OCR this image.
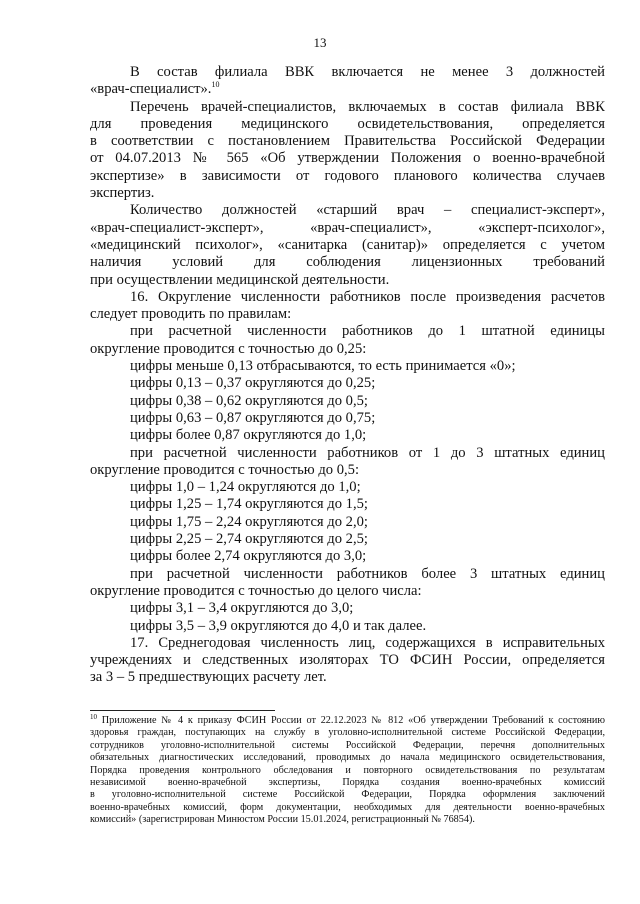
13

В состав филиала ВВК включается не менее 3 должностей

«врач-специалист».$^{10}$

Перечень врачей-специалистов, включаемых в состав филиала ВВК

для проведения медицинского освидетельствования, определяется

в соответствии с постановлением Правительства Российской Федерации

от 04.07.2013 № 565 «Об утверждении Положения о военно-врачебной

экспертизе» в зависимости от годового планового количества случаев

экспертиз.

Количество должностей «старший врач – специалист-эксперт»,

«врач-специалист-эксперт», «врач-специалист», «эксперт-психолог»,

«медицинский психолог», «санитарка (санитар)» определяется с учетом

наличия условий для соблюдения лицензионных требований

при осуществлении медицинской деятельности.

16. Округление численности работников после произведения расчетов

следует проводить по правилам:

при расчетной численности работников до 1 штатной единицы

округление проводится с точностью до 0,25:

цифры меньше 0,13 отбрасываются, то есть принимается «0»;

цифры 0,13 – 0,37 округляются до 0,25;

цифры 0,38 – 0,62 округляются до 0,5;

цифры 0,63 – 0,87 округляются до 0,75;

цифры более 0,87 округляются до 1,0;

при расчетной численности работников от 1 до 3 штатных единиц

округление проводится с точностью до 0,5:

цифры 1,0 – 1,24 округляются до 1,0;

цифры 1,25 – 1,74 округляются до 1,5;

цифры 1,75 – 2,24 округляются до 2,0;

цифры 2,25 – 2,74 округляются до 2,5;

цифры более 2,74 округляются до 3,0;

при расчетной численности работников более 3 штатных единиц

округление проводится с точностью до целого числа:

цифры 3,1 – 3,4 округляются до 3,0;

цифры 3,5 – 3,9 округляются до 4,0 и так далее.

17. Среднегодовая численность лиц, содержащихся в исправительных

учреждениях и следственных изоляторах ТО ФСИН России, определяется

за 3 – 5 предшествующих расчету лет.

$^{10}$ Приложение № 4 к приказу ФСИН России от 22.12.2023 № 812 «Об утверждении Требований к состоянию

здоровья граждан, поступающих на службу в уголовно-исполнительной системе Российской Федерации,

сотрудников уголовно-исполнительной системы Российской Федерации, перечня дополнительных

обязательных диагностических исследований, проводимых до начала медицинского освидетельствования,

Порядка проведения контрольного обследования и повторного освидетельствования по результатам

независимой военно-врачебной экспертизы, Порядка создания военно-врачебных комиссий

в уголовно-исполнительной системе Российской Федерации, Порядка оформления заключений

военно-врачебных комиссий, форм документации, необходимых для деятельности военно-врачебных

комиссий» (зарегистрирован Минюстом России 15.01.2024, регистрационный № 76854).
